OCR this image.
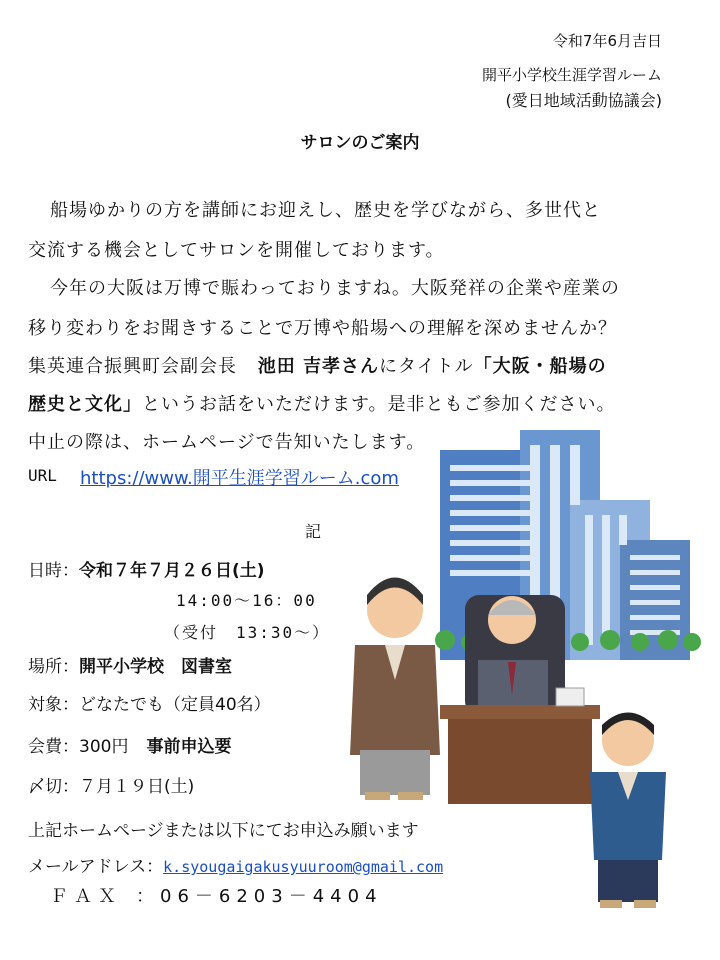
令和7年6月吉日
開平小学校生涯学習ルーム
(愛日地域活動協議会)
サロンのご案内
船場ゆかりの方を講師にお迎えし、歴史を学びながら、多世代と
交流する機会としてサロンを開催しております。
今年の大阪は万博で賑わっておりますね。大阪発祥の企業や産業の
移り変わりをお聞きすることで万博や船場への理解を深めませんか？
集英連合振興町会副会長 池田 吉孝さんにタイトル「大阪・船場の
歴史と文化」というお話をいただけます。是非ともご参加ください。
中止の際は、ホームページで告知いたします。
URL https://www.開平生涯学習ルーム.com
記
日時：令和７年７月２６日(土)
14:00～16：00
（受付　13:30～）
場所：開平小学校　図書室
対象：どなたでも（定員40名）
会費：300円 事前申込要
〆切：７月１９日(土)
上記ホームページまたは以下にてお申込み願います
メールアドレス：k.syougaigakusyuuroom@gmail.com
ＦＡＸ ：06－6203－4404
